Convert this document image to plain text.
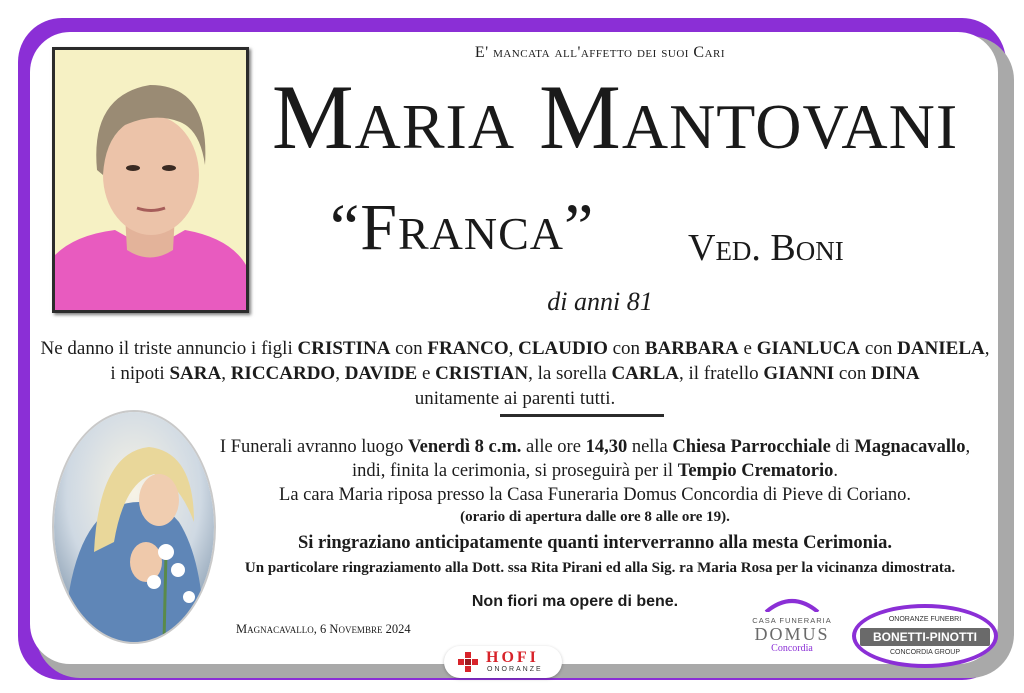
E' mancata all'affetto dei suoi Cari
Maria Mantovani
“Franca” Ved. Boni
di anni 81
Ne danno il triste annuncio i figli CRISTINA con FRANCO, CLAUDIO con BARBARA e GIANLUCA con DANIELA,
i nipoti SARA, RICCARDO, DAVIDE e CRISTIAN, la sorella CARLA, il fratello GIANNI con DINA
unitamente ai parenti tutti.
I Funerali avranno luogo Venerdì 8 c.m. alle ore 14,30 nella Chiesa Parrocchiale di Magnacavallo,
indi, finita la cerimonia, si proseguirà per il Tempio Crematorio.
La cara Maria riposa presso la Casa Funeraria Domus Concordia di Pieve di Coriano.
(orario di apertura dalle ore 8 alle ore 19).
Si ringraziano anticipatamente quanti interverranno alla mesta Cerimonia.
Un particolare ringraziamento alla Dott. ssa Rita Pirani ed alla Sig. ra Maria Rosa per la vicinanza dimostrata.
Non fiori ma opere di bene.
Magnacavallo, 6 Novembre 2024
HOFI
ONORANZE
CASA FUNERARIA
DOMUS
Concordia
ONORANZE FUNEBRI
BONETTI-PINOTTI
CONCORDIA GROUP
